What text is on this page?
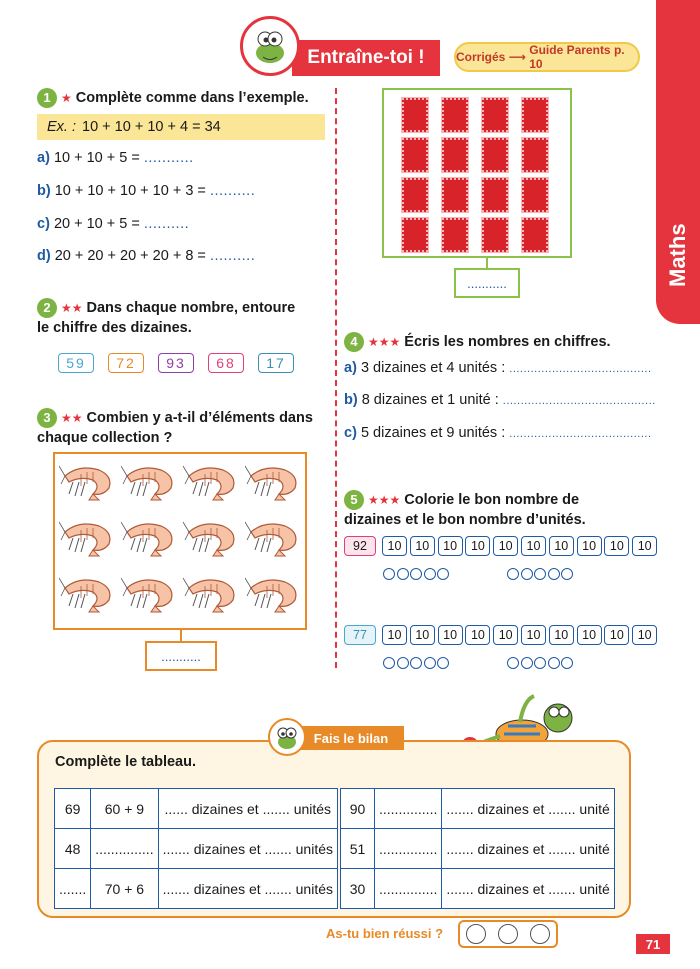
Maths
Entraîne-toi !	Corrigés
⟶
Guide Parents p. 10
1 ★ Complète comme dans l’exemple.
Ex. : 10 + 10 + 10 + 4 = 34
a) 10 + 10 + 5 = ...........
b) 10 + 10 + 10 + 10 + 3 = ..........
c) 20 + 10 + 5 = ..........
d) 20 + 20 + 20 + 20 + 8 = ..........
2 ★★ Dans chaque nombre, entoure
le chiffre des dizaines.
59	72	93	68	17
3 ★★ Combien y a-t-il d’éléments dans
chaque collection ?
...........
...........
4 ★★★ Écris les nombres en chiffres.
a) 3 dizaines et 4 unités : ........................................
b) 8 dizaines et 1 unité : ...........................................
c) 5 dizaines et 9 unités : ........................................
5 ★★★ Colorie le bon nombre de
dizaines et le bon nombre d’unités.
92	10	10	10	10	10	10	10	10	10	10
77	10	10	10	10	10	10	10	10	10	10
Fais le bilan
Complète le tableau.
69	60 + 9	...... dizaines et ....... unités
48	...............	....... dizaines et ....... unités
.......	70 + 6	....... dizaines et ....... unités
90	...............	....... dizaines et ....... unité
51	...............	....... dizaines et ....... unité
30	...............	....... dizaines et ....... unité
As-tu bien réussi ?
71
